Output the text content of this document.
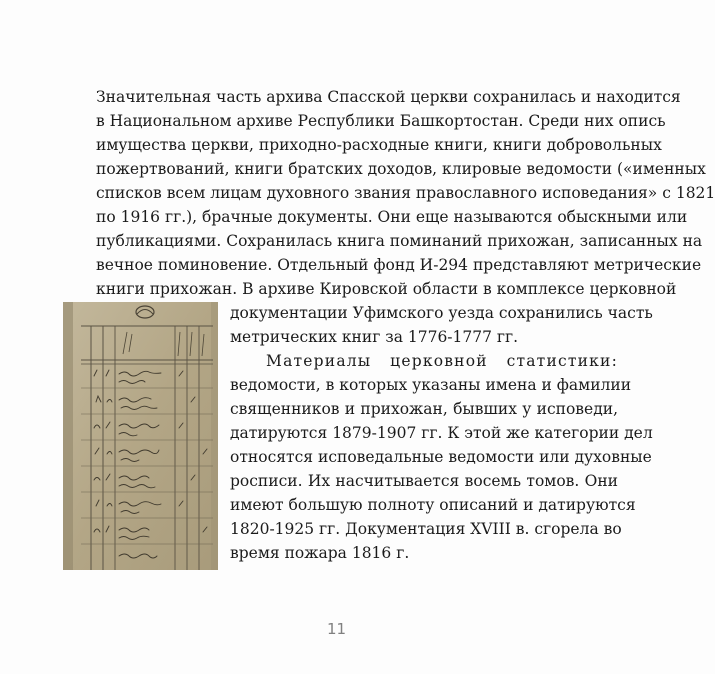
Значительная часть архива Спасской церкви сохранилась и находится
в Национальном архиве Республики Башкортостан. Среди них опись
имущества церкви, приходно-расходные книги, книги добровольных
пожертвований, книги братских доходов, клировые ведомости («именных
списков всем лицам духовного звания православного исповедания» с 1821
по 1916 гг.), брачные документы. Они еще называются обыскными или
публикациями. Сохранилась книга поминаний прихожан, записанных на
вечное поминовение. Отдельный фонд И-294 представляют метрические
книги прихожан. В архиве Кировской области в комплексе церковной
документации Уфимского уезда сохранились часть
метрических книг за 1776-1777 гг.
Материалы церковной статистики:
ведомости, в которых указаны имена и фамилии
священников и прихожан, бывших у исповеди,
датируются 1879-1907 гг. К этой же категории дел
относятся исповедальные ведомости или духовные
росписи. Их насчитывается восемь томов. Они
имеют большую полноту описаний и датируются
1820-1925 гг. Документация XVIII в. сгорела во
время пожара 1816 г.
11
